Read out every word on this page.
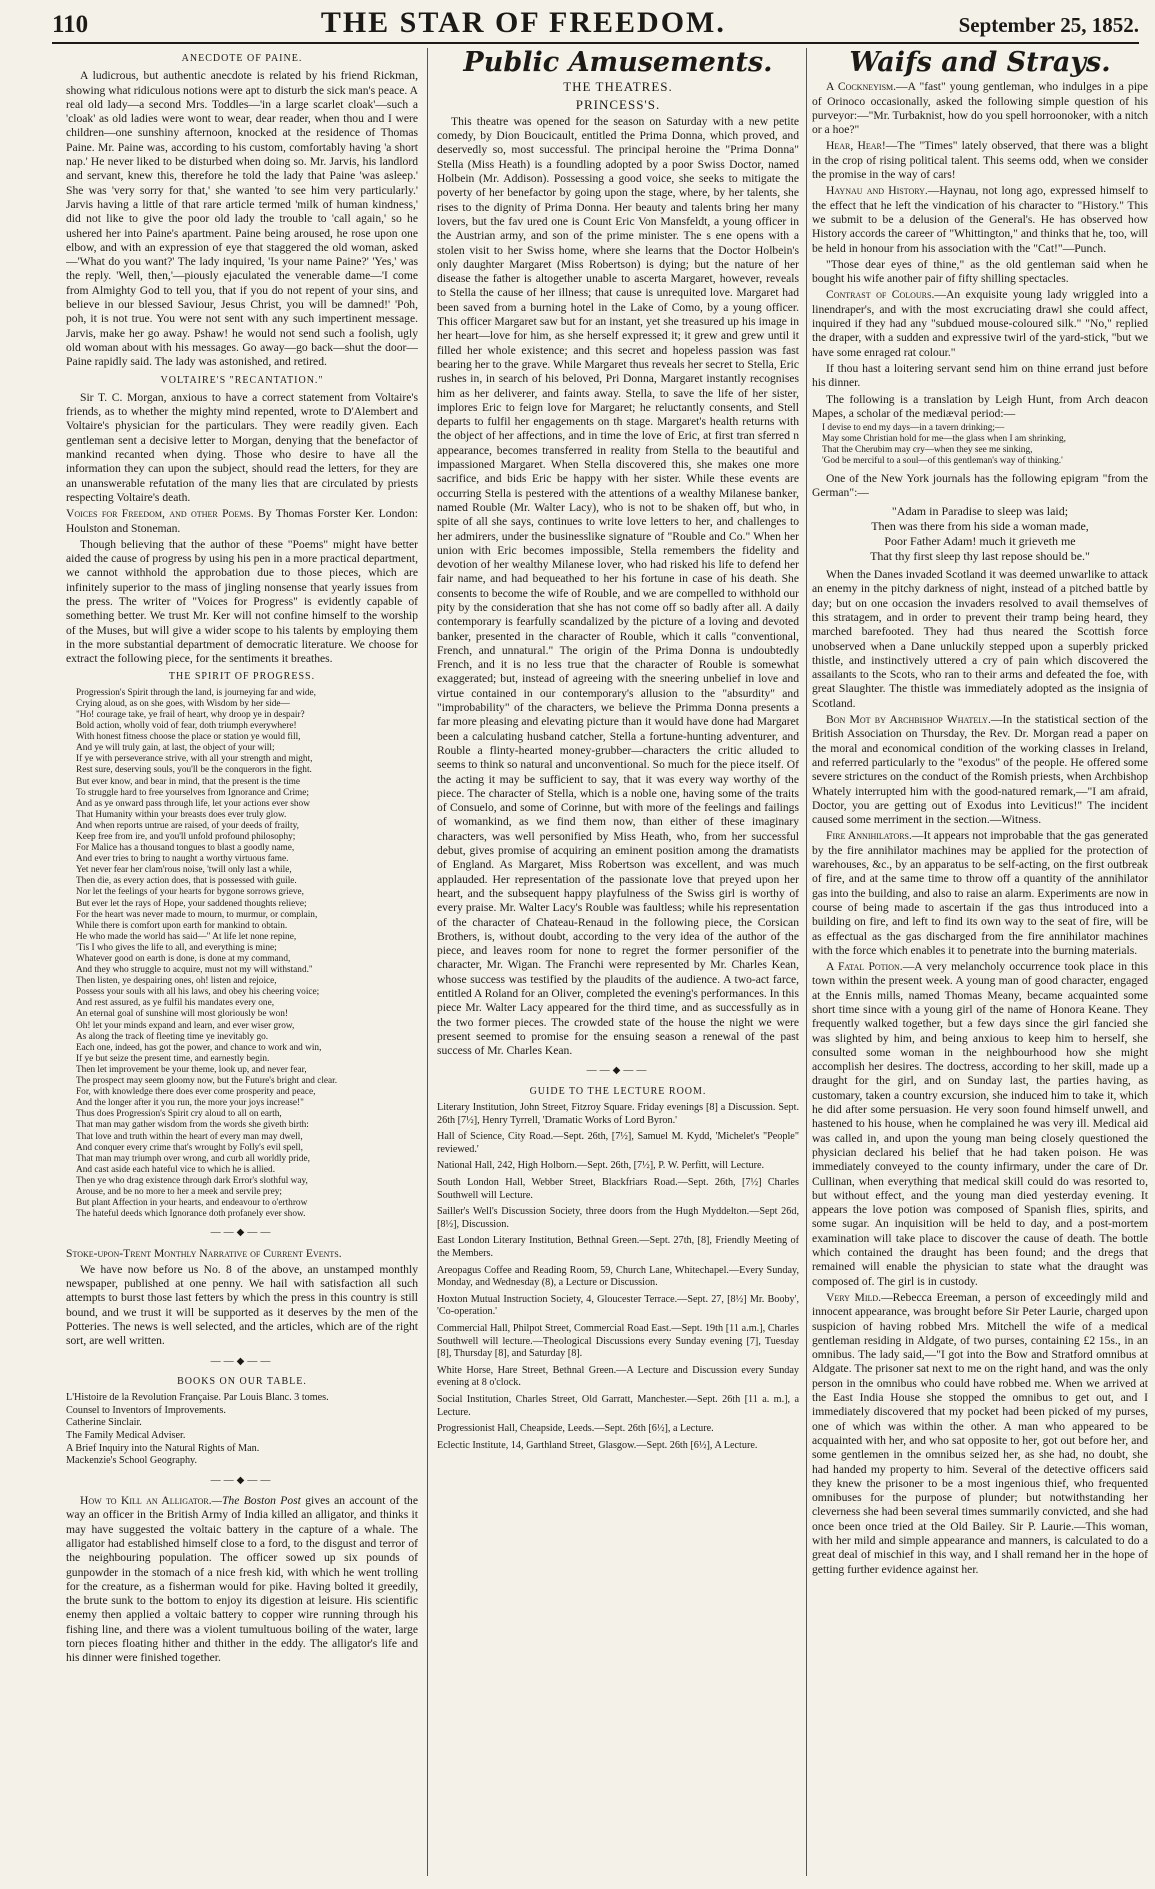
110	THE STAR OF FREEDOM.	September 25, 1852.
ANECDOTE OF PAINE.

A ludicrous, but authentic anecdote is related by his friend Rickman, showing what ridiculous notions were apt to disturb the sick man's peace. A real old lady—a second Mrs. Toddles—'in a large scarlet cloak'—such a 'cloak' as old ladies were wont to wear, dear reader, when thou and I were children—one sunshiny afternoon, knocked at the residence of Thomas Paine. Mr. Paine was, according to his custom, comfortably having 'a short nap.' He never liked to be disturbed when doing so. Mr. Jarvis, his landlord and servant, knew this, therefore he told the lady that Paine 'was asleep.' She was 'very sorry for that,' she wanted 'to see him very particularly.' Jarvis having a little of that rare article termed 'milk of human kindness,' did not like to give the poor old lady the trouble to 'call again,' so he ushered her into Paine's apartment. Paine being aroused, he rose upon one elbow, and with an expression of eye that staggered the old woman, asked—'What do you want?' The lady inquired, 'Is your name Paine?' 'Yes,' was the reply. 'Well, then,'—piously ejaculated the venerable dame—'I come from Almighty God to tell you, that if you do not repent of your sins, and believe in our blessed Saviour, Jesus Christ, you will be damned!' 'Poh, poh, it is not true. You were not sent with any such impertinent message. Jarvis, make her go away. Pshaw! he would not send such a foolish, ugly old woman about with his messages. Go away—go back—shut the door—Paine rapidly said. The lady was astonished, and retired.

VOLTAIRE'S "RECANTATION."

Sir T. C. Morgan, anxious to have a correct statement from Voltaire's friends, as to whether the mighty mind repented, wrote to D'Alembert and Voltaire's physician for the particulars. They were readily given. Each gentleman sent a decisive letter to Morgan, denying that the benefactor of mankind recanted when dying. Those who desire to have all the information they can upon the subject, should read the letters, for they are an unanswerable refutation of the many lies that are circulated by priests respecting Voltaire's death.

Voices for Freedom, and other Poems. By Thomas Forster Ker. London: Houlston and Stoneman.

Though believing that the author of these "Poems" might have better aided the cause of progress by using his pen in a more practical department, we cannot withhold the approbation due to those pieces, which are infinitely superior to the mass of jingling nonsense that yearly issues from the press. The writer of "Voices for Progress" is evidently capable of something better. We trust Mr. Ker will not confine himself to the worship of the Muses, but will give a wider scope to his talents by employing them in the more substantial department of democratic literature. We choose for extract the following piece, for the sentiments it breathes.

THE SPIRIT OF PROGRESS.
Progression's Spirit through the land, is journeying far and wide,
Crying aloud, as on she goes, with Wisdom by her side—
"Ho! courage take, ye frail of heart, why droop ye in despair?
Bold action, wholly void of fear, doth triumph everywhere!
With honest fitness choose the place or station ye would fill,
And ye will truly gain, at last, the object of your will;
If ye with perseverance strive, with all your strength and might,
Rest sure, deserving souls, you'll be the conquerors in the fight.
But ever know, and bear in mind, that the present is the time
To struggle hard to free yourselves from Ignorance and Crime;
And as ye onward pass through life, let your actions ever show
That Humanity within your breasts does ever truly glow.
And when reports untrue are raised, of your deeds of frailty,
Keep free from ire, and you'll unfold profound philosophy;
For Malice has a thousand tongues to blast a goodly name,
And ever tries to bring to naught a worthy virtuous fame.
Yet never fear her clam'rous noise, 'twill only last a while,
Then die, as every action does, that is possessed with guile.
Nor let the feelings of your hearts for bygone sorrows grieve,
But ever let the rays of Hope, your saddened thoughts relieve;
For the heart was never made to mourn, to murmur, or complain,
While there is comfort upon earth for mankind to obtain.
He who made the world has said—" At life let none repine,
'Tis I who gives the life to all, and everything is mine;
Whatever good on earth is done, is done at my command,
And they who struggle to acquire, must not my will withstand."
Then listen, ye despairing ones, oh! listen and rejoice,
Possess your souls with all his laws, and obey his cheering voice;
And rest assured, as ye fulfil his mandates every one,
An eternal goal of sunshine will most gloriously be won!
Oh! let your minds expand and learn, and ever wiser grow,
As along the track of fleeting time ye inevitably go.
Each one, indeed, has got the power, and chance to work and win,
If ye but seize the present time, and earnestly begin.
Then let improvement be your theme, look up, and never fear,
The prospect may seem gloomy now, but the Future's bright and clear.
For, with knowledge there does ever come prosperity and peace,
And the longer after it you run, the more your joys increase!"
Thus does Progression's Spirit cry aloud to all on earth,
That man may gather wisdom from the words she giveth birth:
That love and truth within the heart of every man may dwell,
And conquer every crime that's wrought by Folly's evil spell,
That man may triumph over wrong, and curb all worldly pride,
And cast aside each hateful vice to which he is allied.
Then ye who drag existence through dark Error's slothful way,
Arouse, and be no more to her a meek and servile prey;
But plant Affection in your hearts, and endeavour to o'erthrow
The hateful deeds which Ignorance doth profanely ever show.
——◆——

Stoke-upon-Trent Monthly Narrative of Current Events.

We have now before us No. 8 of the above, an unstamped monthly newspaper, published at one penny. We hail with satisfaction all such attempts to burst those last fetters by which the press in this country is still bound, and we trust it will be supported as it deserves by the men of the Potteries. The news is well selected, and the articles, which are of the right sort, are well written.

——◆——
BOOKS ON OUR TABLE.
L'Histoire de la Revolution Française. Par Louis Blanc. 3 tomes.
Counsel to Inventors of Improvements.
Catherine Sinclair.
The Family Medical Adviser.
A Brief Inquiry into the Natural Rights of Man.
Mackenzie's School Geography.
——◆——

How to Kill an Alligator.—The Boston Post gives an account of the way an officer in the British Army of India killed an alligator, and thinks it may have suggested the voltaic battery in the capture of a whale. The alligator had established himself close to a ford, to the disgust and terror of the neighbouring population. The officer sowed up six pounds of gunpowder in the stomach of a nice fresh kid, with which he went trolling for the creature, as a fisherman would for pike. Having bolted it greedily, the brute sunk to the bottom to enjoy its digestion at leisure. His scientific enemy then applied a voltaic battery to copper wire running through his fishing line, and there was a violent tumultuous boiling of the water, large torn pieces floating hither and thither in the eddy. The alligator's life and his dinner were finished together.

Public Amusements.
THE THEATRES.
PRINCESS'S.

This theatre was opened for the season on Saturday with a new petite comedy, by Dion Boucicault, entitled the Prima Donna, which proved, and deservedly so, most successful. The principal heroine the "Prima Donna" Stella (Miss Heath) is a foundling adopted by a poor Swiss Doctor, named Holbein (Mr. Addison). Possessing a good voice, she seeks to mitigate the poverty of her benefactor by going upon the stage, where, by her talents, she rises to the dignity of Prima Donna. Her beauty and talents bring her many lovers, but the fav ured one is Count Eric Von Mansfeldt, a young officer in the Austrian army, and son of the prime minister. The s ene opens with a stolen visit to her Swiss home, where she learns that the Doctor Holbein's only daughter Margaret (Miss Robertson) is dying; but the nature of her disease the father is altogether unable to ascerta Margaret, however, reveals to Stella the cause of her illness; that cause is unrequited love. Margaret had been saved from a burning hotel in the Lake of Como, by a young officer. This officer Margaret saw but for an instant, yet she treasured up his image in her heart—love for him, as she herself expressed it; it grew and grew until it filled her whole existence; and this secret and hopeless passion was fast bearing her to the grave. While Margaret thus reveals her secret to Stella, Eric rushes in, in search of his beloved, Pri Donna, Margaret instantly recognises him as her deliverer, and faints away. Stella, to save the life of her sister, implores Eric to feign love for Margaret; he reluctantly consents, and Stell departs to fulfil her engagements on th stage. Margaret's health returns with the object of her affections, and in time the love of Eric, at first tran sferred n appearance, becomes transferred in reality from Stella to the beautiful and impassioned Margaret. When Stella discovered this, she makes one more sacrifice, and bids Eric be happy with her sister. While these events are occurring Stella is pestered with the attentions of a wealthy Milanese banker, named Rouble (Mr. Walter Lacy), who is not to be shaken off, but who, in spite of all she says, continues to write love letters to her, and challenges to her admirers, under the businesslike signature of "Rouble and Co." When her union with Eric becomes impossible, Stella remembers the fidelity and devotion of her wealthy Milanese lover, who had risked his life to defend her fair name, and had bequeathed to her his fortune in case of his death. She consents to become the wife of Rouble, and we are compelled to withhold our pity by the consideration that she has not come off so badly after all. A daily contemporary is fearfully scandalized by the picture of a loving and devoted banker, presented in the character of Rouble, which it calls "conventional, French, and unnatural." The origin of the Prima Donna is undoubtedly French, and it is no less true that the character of Rouble is somewhat exaggerated; but, instead of agreeing with the sneering unbelief in love and virtue contained in our contemporary's allusion to the "absurdity" and "improbability" of the characters, we believe the Primma Donna presents a far more pleasing and elevating picture than it would have done had Margaret been a calculating husband catcher, Stella a fortune-hunting adventurer, and Rouble a flinty-hearted money-grubber—characters the critic alluded to seems to think so natural and unconventional. So much for the piece itself. Of the acting it may be sufficient to say, that it was every way worthy of the piece. The character of Stella, which is a noble one, having some of the traits of Consuelo, and some of Corinne, but with more of the feelings and failings of womankind, as we find them now, than either of these imaginary characters, was well personified by Miss Heath, who, from her successful debut, gives promise of acquiring an eminent position among the dramatists of England. As Margaret, Miss Robertson was excellent, and was much applauded. Her representation of the passionate love that preyed upon her heart, and the subsequent happy playfulness of the Swiss girl is worthy of every praise. Mr. Walter Lacy's Rouble was faultless; while his representation of the character of Chateau-Renaud in the following piece, the Corsican Brothers, is, without doubt, according to the very idea of the author of the piece, and leaves room for none to regret the former personifier of the character, Mr. Wigan. The Franchi were represented by Mr. Charles Kean, whose success was testified by the plaudits of the audience. A two-act farce, entitled A Roland for an Oliver, completed the evening's performances. In this piece Mr. Walter Lacy appeared for the third time, and as successfully as in the two former pieces. The crowded state of the house the night we were present seemed to promise for the ensuing season a renewal of the past success of Mr. Charles Kean.

——◆——
GUIDE TO THE LECTURE ROOM.

Literary Institution, John Street, Fitzroy Square. Friday evenings [8] a Discussion. Sept. 26th [7½], Henry Tyrrell, 'Dramatic Works of Lord Byron.'

Hall of Science, City Road.—Sept. 26th, [7½], Samuel M. Kydd, 'Michelet's "People" reviewed.'

National Hall, 242, High Holborn.—Sept. 26th, [7½], P. W. Perfitt, will Lecture.

South London Hall, Webber Street, Blackfriars Road.—Sept. 26th, [7½] Charles Southwell will Lecture.

Sailler's Well's Discussion Society, three doors from the Hugh Myddelton.—Sept 26d, [8½], Discussion.

East London Literary Institution, Bethnal Green.—Sept. 27th, [8], Friendly Meeting of the Members.

Areopagus Coffee and Reading Room, 59, Church Lane, Whitechapel.—Every Sunday, Monday, and Wednesday (8), a Lecture or Discussion.

Hoxton Mutual Instruction Society, 4, Gloucester Terrace.—Sept. 27, [8½] Mr. Booby', 'Co-operation.'

Commercial Hall, Philpot Street, Commercial Road East.—Sept. 19th [11 a.m.], Charles Southwell will lecture.—Theological Discussions every Sunday evening [7], Tuesday [8], Thursday [8], and Saturday [8].

White Horse, Hare Street, Bethnal Green.—A Lecture and Discussion every Sunday evening at 8 o'clock.

Social Institution, Charles Street, Old Garratt, Manchester.—Sept. 26th [11 a. m.], a Lecture.

Progressionist Hall, Cheapside, Leeds.—Sept. 26th [6½], a Lecture.

Eclectic Institute, 14, Garthland Street, Glasgow.—Sept. 26th [6½], A Lecture.

Waifs and Strays.

A Cockneyism.—A "fast" young gentleman, who indulges in a pipe of Orinoco occasionally, asked the following simple question of his purveyor:—"Mr. Turbaknist, how do you spell horroonoker, with a nitch or a hoe?"

Hear, Hear!—The "Times" lately observed, that there was a blight in the crop of rising political talent. This seems odd, when we consider the promise in the way of cars!

Haynau and History.—Haynau, not long ago, expressed himself to the effect that he left the vindication of his character to "History." This we submit to be a delusion of the General's. He has observed how History accords the career of "Whittington," and thinks that he, too, will be held in honour from his association with the "Cat!"—Punch.

"Those dear eyes of thine," as the old gentleman said when he bought his wife another pair of fifty shilling spectacles.

Contrast of Colours.—An exquisite young lady wriggled into a linendraper's, and with the most excruciating drawl she could affect, inquired if they had any "subdued mouse-coloured silk." "No," replied the draper, with a sudden and expressive twirl of the yard-stick, "but we have some enraged rat colour."

If thou hast a loitering servant send him on thine errand just before his dinner.

The following is a translation by Leigh Hunt, from Arch deacon Mapes, a scholar of the mediæval period:—

I devise to end my days—in a tavern drinking;—
May some Christian hold for me—the glass when I am shrinking,
That the Cherubim may cry—when they see me sinking,
'God be merciful to a soul—of this gentleman's way of thinking.'

One of the New York journals has the following epigram "from the German":—

"Adam in Paradise to sleep was laid;
Then was there from his side a woman made,
Poor Father Adam! much it grieveth me
That thy first sleep thy last repose should be."

When the Danes invaded Scotland it was deemed unwarlike to attack an enemy in the pitchy darkness of night, instead of a pitched battle by day; but on one occasion the invaders resolved to avail themselves of this stratagem, and in order to prevent their tramp being heard, they marched barefooted. They had thus neared the Scottish force unobserved when a Dane unluckily stepped upon a superbly pricked thistle, and instinctively uttered a cry of pain which discovered the assailants to the Scots, who ran to their arms and defeated the foe, with great Slaughter. The thistle was immediately adopted as the insignia of Scotland.

Bon Mot by Archbishop Whately.—In the statistical section of the British Association on Thursday, the Rev. Dr. Morgan read a paper on the moral and economical condition of the working classes in Ireland, and referred particularly to the "exodus" of the people. He offered some severe strictures on the conduct of the Romish priests, when Archbishop Whately interrupted him with the good-natured remark,—"I am afraid, Doctor, you are getting out of Exodus into Leviticus!" The incident caused some merriment in the section.—Witness.

Fire Annihilators.—It appears not improbable that the gas generated by the fire annihilator machines may be applied for the protection of warehouses, &c., by an apparatus to be self-acting, on the first outbreak of fire, and at the same time to throw off a quantity of the annihilator gas into the building, and also to raise an alarm. Experiments are now in course of being made to ascertain if the gas thus introduced into a building on fire, and left to find its own way to the seat of fire, will be as effectual as the gas discharged from the fire annihilator machines with the force which enables it to penetrate into the burning materials.

A Fatal Potion.—A very melancholy occurrence took place in this town within the present week. A young man of good character, engaged at the Ennis mills, named Thomas Meany, became acquainted some short time since with a young girl of the name of Honora Keane. They frequently walked together, but a few days since the girl fancied she was slighted by him, and being anxious to keep him to herself, she consulted some woman in the neighbourhood how she might accomplish her desires. The doctress, according to her skill, made up a draught for the girl, and on Sunday last, the parties having, as customary, taken a country excursion, she induced him to take it, which he did after some persuasion. He very soon found himself unwell, and hastened to his house, when he complained he was very ill. Medical aid was called in, and upon the young man being closely questioned the physician declared his belief that he had taken poison. He was immediately conveyed to the county infirmary, under the care of Dr. Cullinan, when everything that medical skill could do was resorted to, but without effect, and the young man died yesterday evening. It appears the love potion was composed of Spanish flies, spirits, and some sugar. An inquisition will be held to day, and a post-mortem examination will take place to discover the cause of death. The bottle which contained the draught has been found; and the dregs that remained will enable the physician to state what the draught was composed of. The girl is in custody.

Very Mild.—Rebecca Ereeman, a person of exceedingly mild and innocent appearance, was brought before Sir Peter Laurie, charged upon suspicion of having robbed Mrs. Mitchell the wife of a medical gentleman residing in Aldgate, of two purses, containing £2 15s., in an omnibus. The lady said,—"I got into the Bow and Stratford omnibus at Aldgate. The prisoner sat next to me on the right hand, and was the only person in the omnibus who could have robbed me. When we arrived at the East India House she stopped the omnibus to get out, and I immediately discovered that my pocket had been picked of my purses, one of which was within the other. A man who appeared to be acquainted with her, and who sat opposite to her, got out before her, and some gentlemen in the omnibus seized her, as she had, no doubt, she had handed my property to him. Several of the detective officers said they knew the prisoner to be a most ingenious thief, who frequented omnibuses for the purpose of plunder; but notwithstanding her cleverness she had been several times summarily convicted, and she had once been once tried at the Old Bailey. Sir P. Laurie.—This woman, with her mild and simple appearance and manners, is calculated to do a great deal of mischief in this way, and I shall remand her in the hope of getting further evidence against her.
